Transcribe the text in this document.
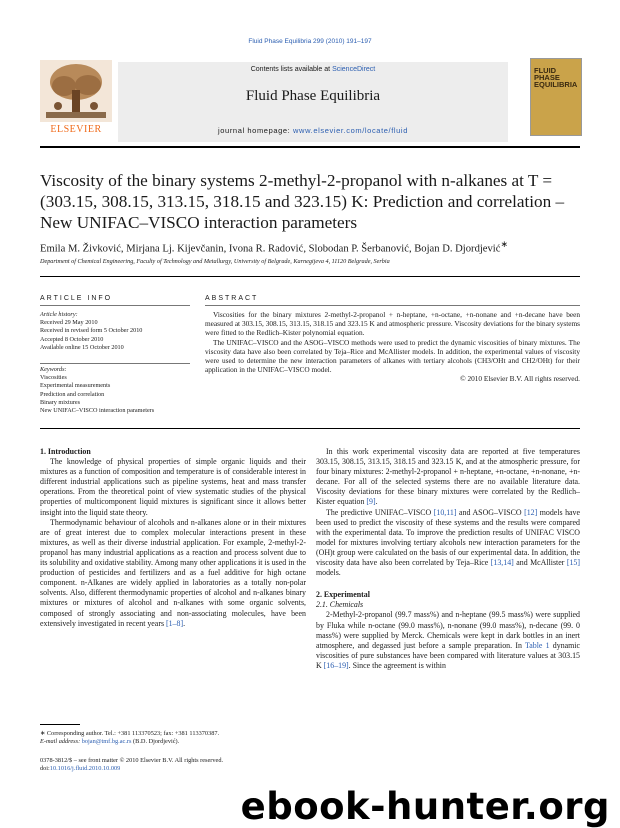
Fluid Phase Equilibria 299 (2010) 191–197
Contents lists available at ScienceDirect
Fluid Phase Equilibria
journal homepage: www.elsevier.com/locate/fluid
ELSEVIER
FLUID PHASE EQUILIBRIA
Viscosity of the binary systems 2-methyl-2-propanol with n-alkanes at T = (303.15, 308.15, 313.15, 318.15 and 323.15) K: Prediction and correlation – New UNIFAC–VISCO interaction parameters
Emila M. Živković, Mirjana Lj. Kijevčanin, Ivona R. Radović, Slobodan P. Šerbanović, Bojan D. Djordjević∗
Department of Chemical Engineering, Faculty of Technology and Metallurgy, University of Belgrade, Karnegijeva 4, 11120 Belgrade, Serbia
ARTICLE INFO	ABSTRACT
Article history:
Received 29 May 2010
Received in revised form 5 October 2010
Accepted 8 October 2010
Available online 15 October 2010
Keywords:
Viscosities
Experimental measurements
Prediction and correlation
Binary mixtures
New UNIFAC–VISCO interaction parameters

Viscosities for the binary mixtures 2-methyl-2-propanol + n-heptane, +n-octane, +n-nonane and +n-decane have been measured at 303.15, 308.15, 313.15, 318.15 and 323.15 K and atmospheric pressure. Viscosity deviations for the binary systems were fitted to the Redlich–Kister polynomial equation.

The UNIFAC–VISCO and the ASOG–VISCO methods were used to predict the dynamic viscosities of binary mixtures. The viscosity data have also been correlated by Teja–Rice and McAllister models. In addition, the experimental values of viscosity were used to determine the new interaction parameters of alkanes with tertiary alcohols (CH3/OHt and CH2/OHt) for their application in the UNIFAC–VISCO model.

© 2010 Elsevier B.V. All rights reserved.

1. Introduction

The knowledge of physical properties of simple organic liquids and their mixtures as a function of composition and temperature is of considerable interest in different industrial applications such as pipeline systems, heat and mass transfer operations. From the theoretical point of view systematic studies of the physical properties of multicomponent liquid mixtures is significant since it allows better insight into the liquid state theory.

Thermodynamic behaviour of alcohols and n-alkanes alone or in their mixtures are of great interest due to complex molecular interactions present in these mixtures, as well as their diverse industrial application. For example, 2-methyl-2-propanol has many industrial applications as a reaction and process solvent due to its solubility and oxidative stability. Among many other applications it is used in the production of pesticides and fertilizers and as a fuel additive for high octane component. n-Alkanes are widely applied in laboratories as a totally non-polar solvents. Also, different thermodynamic properties of alcohol and n-alkanes binary mixtures or mixtures of alcohol and n-alkanes with some organic solvents, composed of strongly associating and non-associating molecules, have been extensively investigated in recent years [1–8].

In this work experimental viscosity data are reported at five temperatures 303.15, 308.15, 313.15, 318.15 and 323.15 K, and at the atmospheric pressure, for four binary mixtures: 2-methyl-2-propanol + n-heptane, +n-octane, +n-nonane, +n-decane. For all of the selected systems there are no available literature data. Viscosity deviations for these binary mixtures were correlated by the Redlich–Kister equation [9].

The predictive UNIFAC–VISCO [10,11] and ASOG–VISCO [12] models have been used to predict the viscosity of these systems and the results were compared with the experimental data. To improve the prediction results of UNIFAC VISCO model for mixtures involving tertiary alcohols new interaction parameters for the (OH)t group were calculated on the basis of our experimental data. In addition, the viscosity data have also been correlated by Teja–Rice [13,14] and McAllister [15] models.

2. Experimental

2.1. Chemicals

2-Methyl-2-propanol (99.7 mass%) and n-heptane (99.5 mass%) were supplied by Fluka while n-octane (99.0 mass%), n-nonane (99.0 mass%), n-decane (99. 0 mass%) were supplied by Merck. Chemicals were kept in dark bottles in an inert atmosphere, and degassed just before a sample preparation. In Table 1 dynamic viscosities of pure substances have been compared with literature values at 303.15 K [16–19]. Since the agreement is within

∗ Corresponding author. Tel.: +381 113370523; fax: +381 113370387.
E-mail address: bojan@tmf.bg.ac.rs (B.D. Djordjević).
0378-3812/$ – see front matter © 2010 Elsevier B.V. All rights reserved.
doi:10.1016/j.fluid.2010.10.009
ebook-hunter.org
